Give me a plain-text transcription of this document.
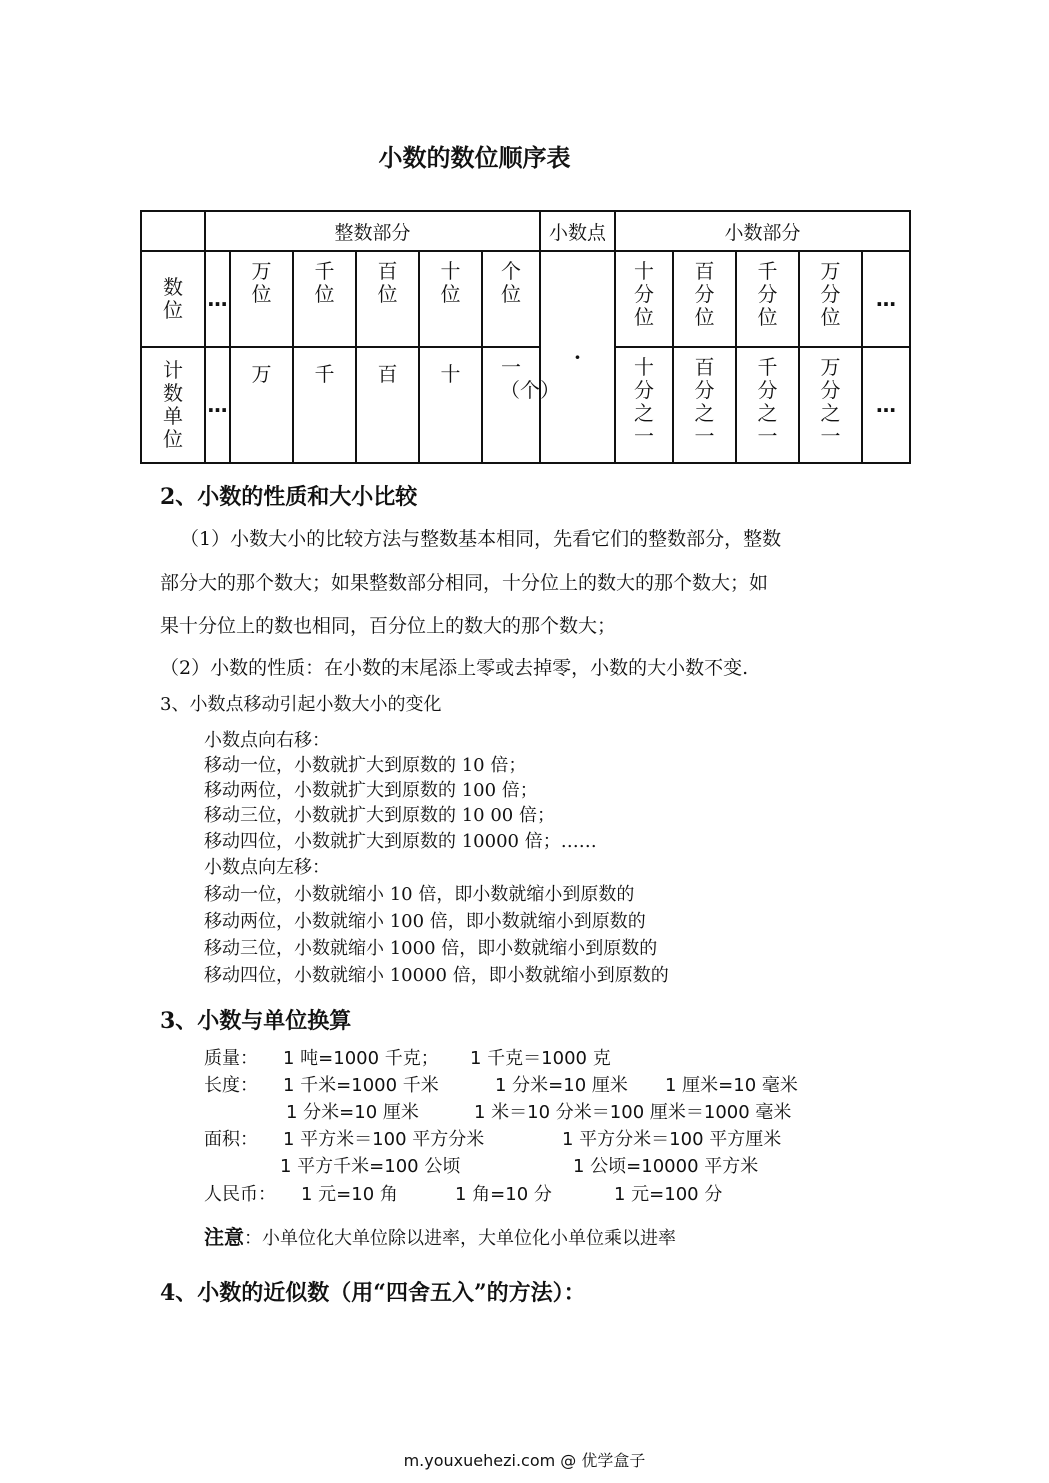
小数的数位顺序表
	整数部分						小数点	小数部分				
数位	…	万位	千位	百位	十位	个位	·	十分位	百分位	千分位	万分位	…
计数单位	…	万	千	百	十	一（个）		十分之一	百分之一	千分之一	万分之一	…
2、小数的性质和大小比较
（1）小数大小的比较方法与整数基本相同，先看它们的整数部分，整数
部分大的那个数大；如果整数部分相同，十分位上的数大的那个数大；如
果十分位上的数也相同，百分位上的数大的那个数大；
（2）小数的性质：在小数的末尾添上零或去掉零，小数的大小数不变.
3、小数点移动引起小数大小的变化
小数点向右移：
移动一位，小数就扩大到原数的 10 倍；
移动两位，小数就扩大到原数的 100 倍；
移动三位，小数就扩大到原数的 10 00 倍；
移动四位，小数就扩大到原数的 10000 倍；……
小数点向左移：
移动一位，小数就缩小 10 倍，即小数就缩小到原数的
移动两位，小数就缩小 100 倍，即小数就缩小到原数的
移动三位，小数就缩小 1000 倍，即小数就缩小到原数的
移动四位，小数就缩小 10000 倍，即小数就缩小到原数的
3、小数与单位换算
质量： 1 吨=1000 千克； 1 千克＝1000 克
长度： 1 千米=1000 千米	1 分米=10 厘米 1 厘米=10 毫米
1 分米=10 厘米	1 米＝10 分米＝100 厘米＝1000 毫米
面积： 1 平方米＝100 平方分米	1 平方分米＝100 平方厘米
1 平方千米=100 公顷	1 公顷=10000 平方米
人民币： 1 元=10 角	1 角=10 分	1 元=100 分
注意：小单位化大单位除以进率，大单位化小单位乘以进率
4、小数的近似数（用“四舍五入”的方法）：
m.youxuehezi.com @ 优学盒子
